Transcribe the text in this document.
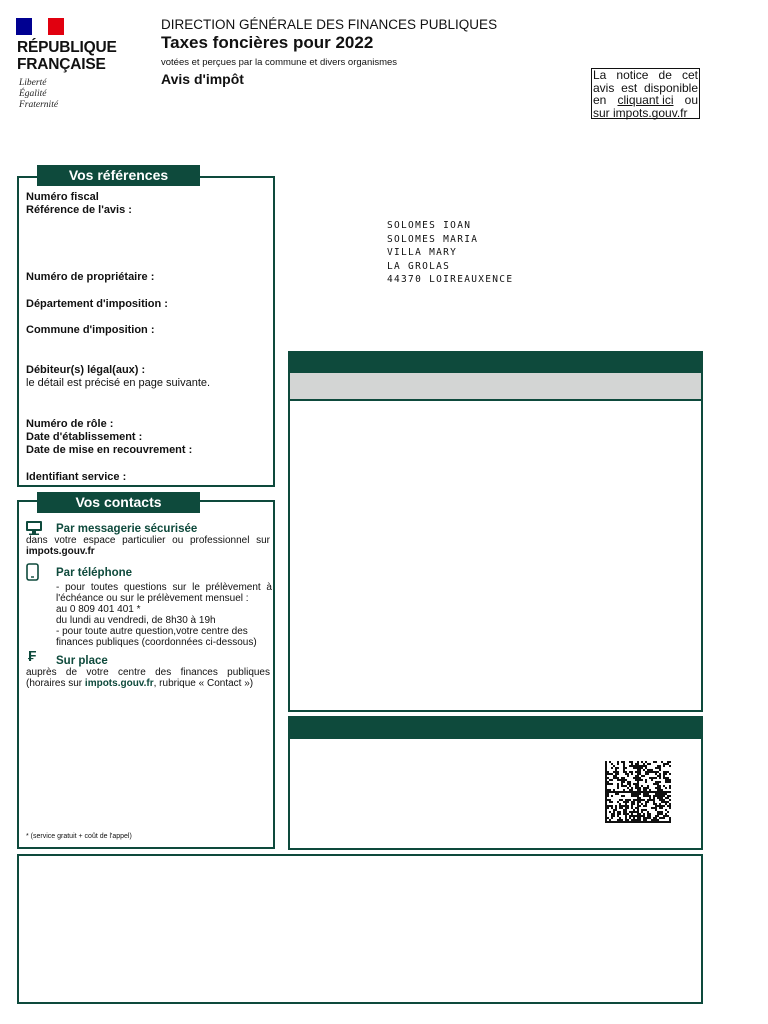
RÉPUBLIQUE
FRANÇAISE
Liberté
Égalité
Fraternité
DIRECTION GÉNÉRALE DES FINANCES PUBLIQUES
Taxes foncières pour 2022
votées et perçues par la commune et divers organismes
Avis d'impôt	La notice de cet
avis est disponible
en cliquant ici ou
sur impots.gouv.fr
Vos références
Numéro fiscal
Référence de l'avis :
Numéro de propriétaire :
Département d'imposition :
Commune d'imposition :
Débiteur(s) légal(aux) :
le détail est précisé en page suivante.
Numéro de rôle :
Date d'établissement :
Date de mise en recouvrement :
Identifiant service :
SOLOMES IOAN
SOLOMES MARIA
VILLA MARY
LA GROLAS
44370 LOIREAUXENCE
Vos contacts
Par messagerie sécurisée
dans votre espace particulier ou professionnel sur
impots.gouv.fr
Par téléphone
- pour toutes questions sur le prélèvement à
l'échéance ou sur le prélèvement mensuel :
au 0 809 401 401 *
du lundi au vendredi, de 8h30 à 19h
- pour toute autre question,votre centre des
finances publiques (coordonnées ci-dessous)
₣ Sur place
auprès de votre centre des finances publiques
(horaires sur impots.gouv.fr, rubrique « Contact »)
* (service gratuit + coût de l'appel)
